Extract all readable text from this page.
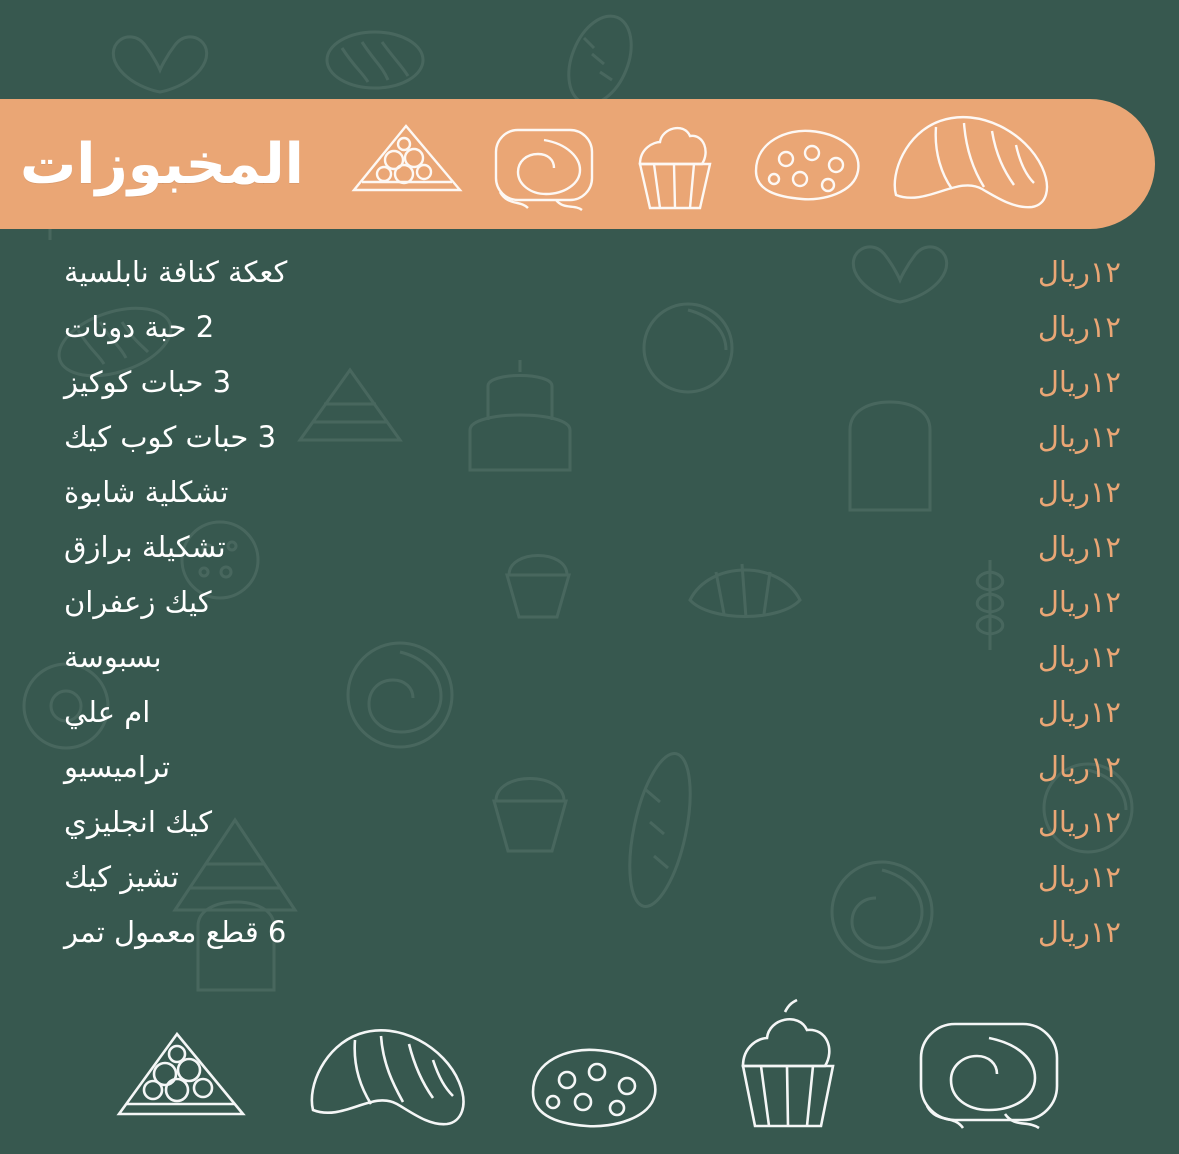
المخبوزات
١٢ريال
كعكة كنافة نابلسية
١٢ريال
2 حبة دونات
١٢ريال
3 حبات كوكيز
١٢ريال
3 حبات كوب كيك
١٢ريال
تشكلية شابوة
١٢ريال
تشكيلة برازق
١٢ريال
كيك زعفران
١٢ريال
بسبوسة
١٢ريال
ام علي
١٢ريال
تراميسيو
١٢ريال
كيك انجليزي
١٢ريال
تشيز كيك
١٢ريال
6 قطع معمول تمر
